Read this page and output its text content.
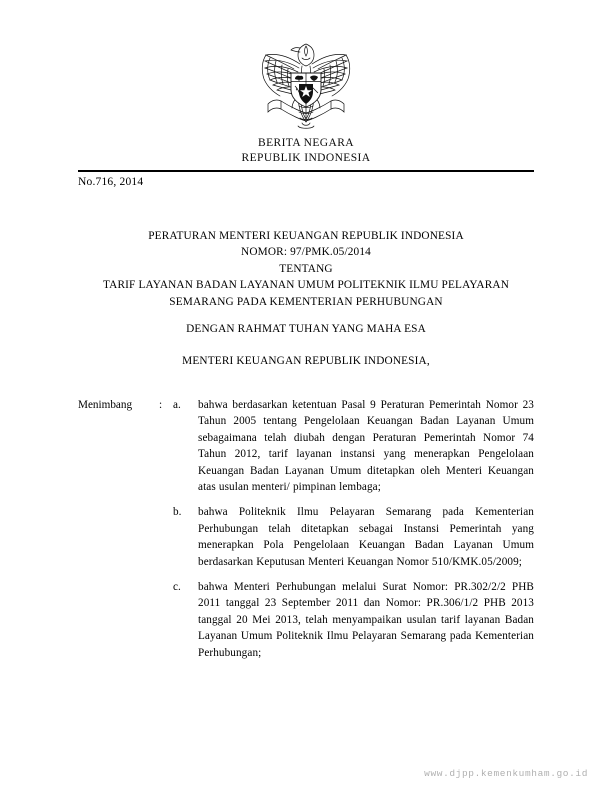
BERITA NEGARA
REPUBLIK INDONESIA
No.716, 2014
PERATURAN MENTERI KEUANGAN REPUBLIK INDONESIA
NOMOR: 97/PMK.05/2014
TENTANG
TARIF LAYANAN BADAN LAYANAN UMUM POLITEKNIK ILMU PELAYARAN
SEMARANG PADA KEMENTERIAN PERHUBUNGAN
DENGAN RAHMAT TUHAN YANG MAHA ESA
MENTERI KEUANGAN REPUBLIK INDONESIA,
Menimbang : a. bahwa berdasarkan ketentuan Pasal 9 Peraturan Pemerintah Nomor 23 Tahun 2005 tentang Pengelolaan Keuangan Badan Layanan Umum sebagaimana telah diubah dengan Peraturan Pemerintah Nomor 74 Tahun 2012, tarif layanan instansi yang menerapkan Pengelolaan Keuangan Badan Layanan Umum ditetapkan oleh Menteri Keuangan atas usulan menteri/ pimpinan lembaga;
b. bahwa Politeknik Ilmu Pelayaran Semarang pada Kementerian Perhubungan telah ditetapkan sebagai Instansi Pemerintah yang menerapkan Pola Pengelolaan Keuangan Badan Layanan Umum berdasarkan Keputusan Menteri Keuangan Nomor 510/KMK.05/2009;
c. bahwa Menteri Perhubungan melalui Surat Nomor: PR.302/2/2 PHB 2011 tanggal 23 September 2011 dan Nomor: PR.306/1/2 PHB 2013 tanggal 20 Mei 2013, telah menyampaikan usulan tarif layanan Badan Layanan Umum Politeknik Ilmu Pelayaran Semarang pada Kementerian Perhubungan;
www.djpp.kemenkumham.go.id
